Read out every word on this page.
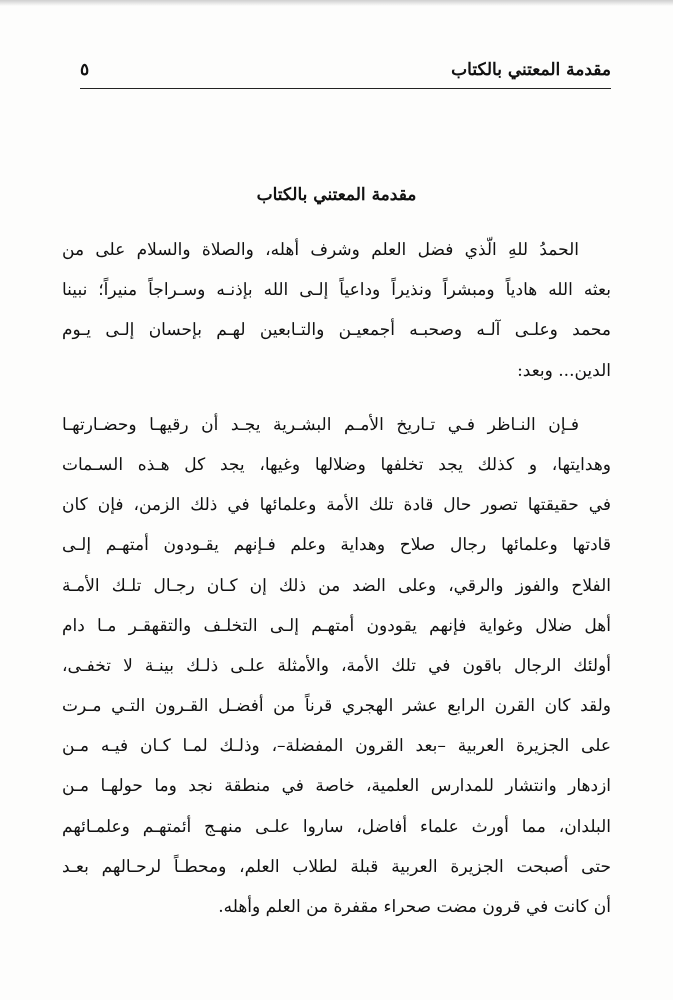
مقدمة المعتني بالكتاب
٥
مقدمة المعتني بالكتاب
الحمدُ للهِ الّذي فضل العلم وشرف أهله، والصلاة والسلام على من
بعثه الله هادياً ومبشراً ونذيراً وداعياً إلـى الله بإذنـه وسـراجاً منيراً؛ نبينا
محمد وعلـى آلـه وصحبـه أجمعيـن والتـابعين لهـم بإحسان إلـى يـوم
الدين... وبعد:
فـإن النـاظر فـي تـاريخ الأمـم البشـرية يجـد أن رقيهـا وحضـارتهـا
وهدايتها، و كذلك يجد تخلفها وضلالها وغيها، يجد كل هـذه السـمات
في حقيقتها تصور حال قادة تلك الأمة وعلمائها في ذلك الزمن، فإن كان
قادتها وعلمائها رجال صلاح وهداية وعلم فـإنهم يقـودون أمتهـم إلـى
الفلاح والفوز والرقي، وعلى الضد من ذلك إن كـان رجـال تلـك الأمـة
أهل ضلال وغواية فإنهم يقودون أمتهـم إلـى التخلـف والتقهقـر مـا دام
أولئك الرجال باقون في تلك الأمة، والأمثلة علـى ذلـك بينـة لا تخفـى،
ولقد كان القرن الرابع عشر الهجري قرناً من أفضـل القـرون التـي مـرت
على الجزيرة العربية –بعد القرون المفضلة–، وذلـك لمـا كـان فيـه مـن
ازدهار وانتشار للمدارس العلمية، خاصة في منطقة نجد وما حولهـا مـن
البلدان، مما أورث علماء أفاضل، ساروا علـى منهـج أئمتهـم وعلمـائهم
حتى أصبحت الجزيرة العربية قبلة لطلاب العلم، ومحطـاً لرحـالهم بعـد
أن كانت في قرون مضت صحراء مقفرة من العلم وأهله.
